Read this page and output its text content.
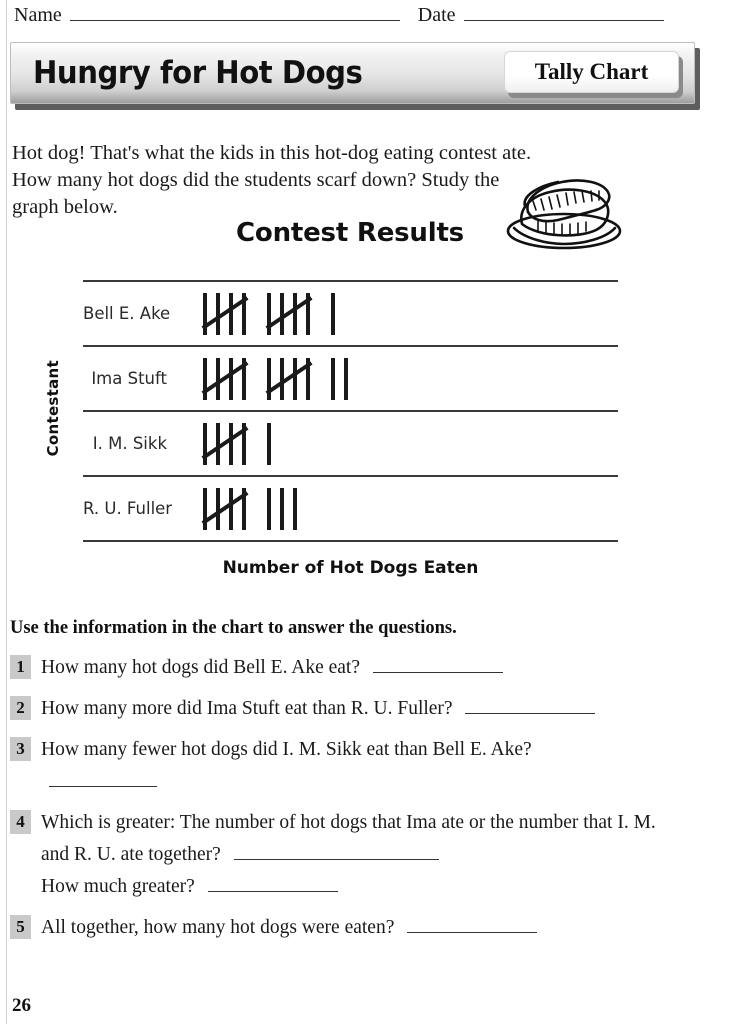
Name	Date
Hungry for Hot Dogs	Tally Chart
Hot dog! That's what the kids in this hot-dog eating contest ate. How many hot dogs did the students scarf down? Study the graph below.
Contest Results
Contestant
Bell E. Ake
Ima Stuft
I. M. Sikk
R. U. Fuller
Number of Hot Dogs Eaten
Use the information in the chart to answer the questions.
1 How many hot dogs did Bell E. Ake eat?
2 How many more did Ima Stuft eat than R. U. Fuller?
3 How many fewer hot dogs did I. M. Sikk eat than Bell E. Ake?
4 Which is greater: The number of hot dogs that Ima ate or the number that I. M. and R. U. ate together?
How much greater?
5 All together, how many hot dogs were eaten?
26
